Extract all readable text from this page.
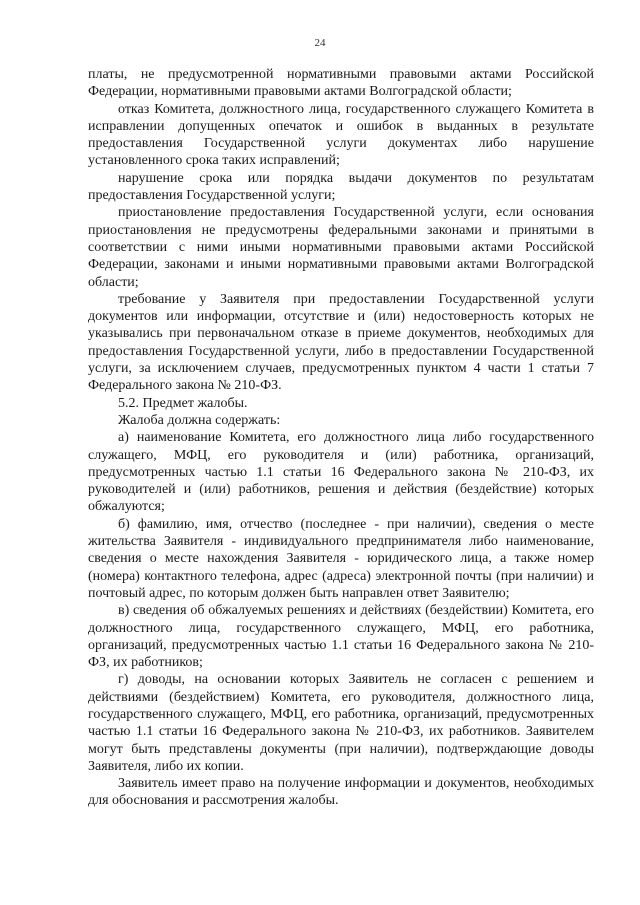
24

платы, не предусмотренной нормативными правовыми актами Российской Федерации, нормативными правовыми актами Волгоградской области;

отказ Комитета, должностного лица, государственного служащего Комитета в исправлении допущенных опечаток и ошибок в выданных в результате предоставления Государственной услуги документах либо нарушение установленного срока таких исправлений;

нарушение срока или порядка выдачи документов по результатам предоставления Государственной услуги;

приостановление предоставления Государственной услуги, если основания приостановления не предусмотрены федеральными законами и принятыми в соответствии с ними иными нормативными правовыми актами Российской Федерации, законами и иными нормативными правовыми актами Волгоградской области;

требование у Заявителя при предоставлении Государственной услуги документов или информации, отсутствие и (или) недостоверность которых не указывались при первоначальном отказе в приеме документов, необходимых для предоставления Государственной услуги, либо в предоставлении Государственной услуги, за исключением случаев, предусмотренных пунктом 4 части 1 статьи 7 Федерального закона № 210-ФЗ.

5.2. Предмет жалобы.

Жалоба должна содержать:

а) наименование Комитета, его должностного лица либо государственного служащего, МФЦ, его руководителя и (или) работника, организаций, предусмотренных частью 1.1 статьи 16 Федерального закона № 210-ФЗ, их руководителей и (или) работников, решения и действия (бездействие) которых обжалуются;

б) фамилию, имя, отчество (последнее - при наличии), сведения о месте жительства Заявителя - индивидуального предпринимателя либо наименование, сведения о месте нахождения Заявителя - юридического лица, а также номер (номера) контактного телефона, адрес (адреса) электронной почты (при наличии) и почтовый адрес, по которым должен быть направлен ответ Заявителю;

в) сведения об обжалуемых решениях и действиях (бездействии) Комитета, его должностного лица, государственного служащего, МФЦ, его работника, организаций, предусмотренных частью 1.1 статьи 16 Федерального закона № 210-ФЗ, их работников;

г) доводы, на основании которых Заявитель не согласен с решением и действиями (бездействием) Комитета, его руководителя, должностного лица, государственного служащего, МФЦ, его работника, организаций, предусмотренных частью 1.1 статьи 16 Федерального закона № 210-ФЗ, их работников. Заявителем могут быть представлены документы (при наличии), подтверждающие доводы Заявителя, либо их копии.

Заявитель имеет право на получение информации и документов, необходимых для обоснования и рассмотрения жалобы.
